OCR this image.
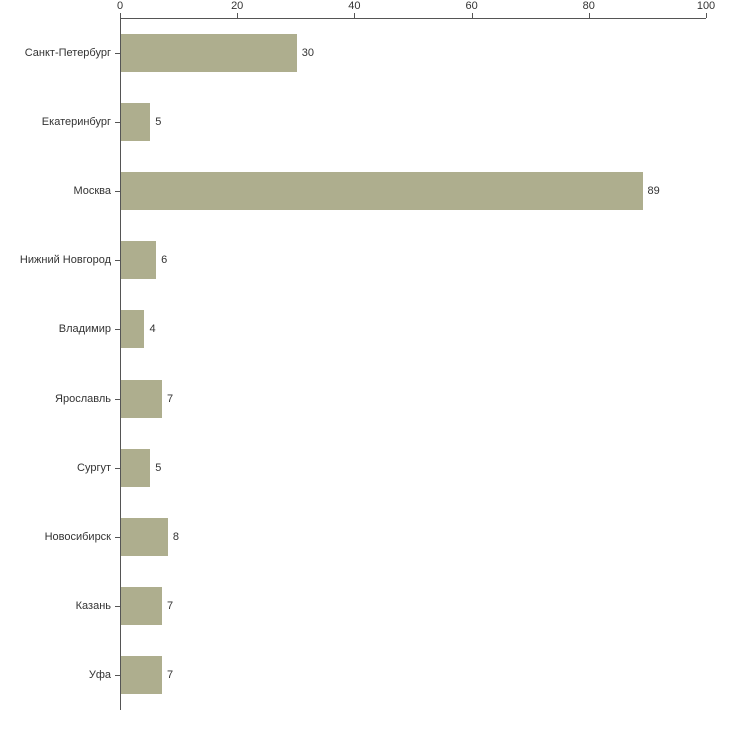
0	20	40	60	80	100
Санкт-Петербург
Екатеринбург
Москва
Нижний Новгород
Владимир
Ярославль
Сургут
Новосибирск
Казань
Уфа
30
5
89
6
4
7
5
8
7
7
